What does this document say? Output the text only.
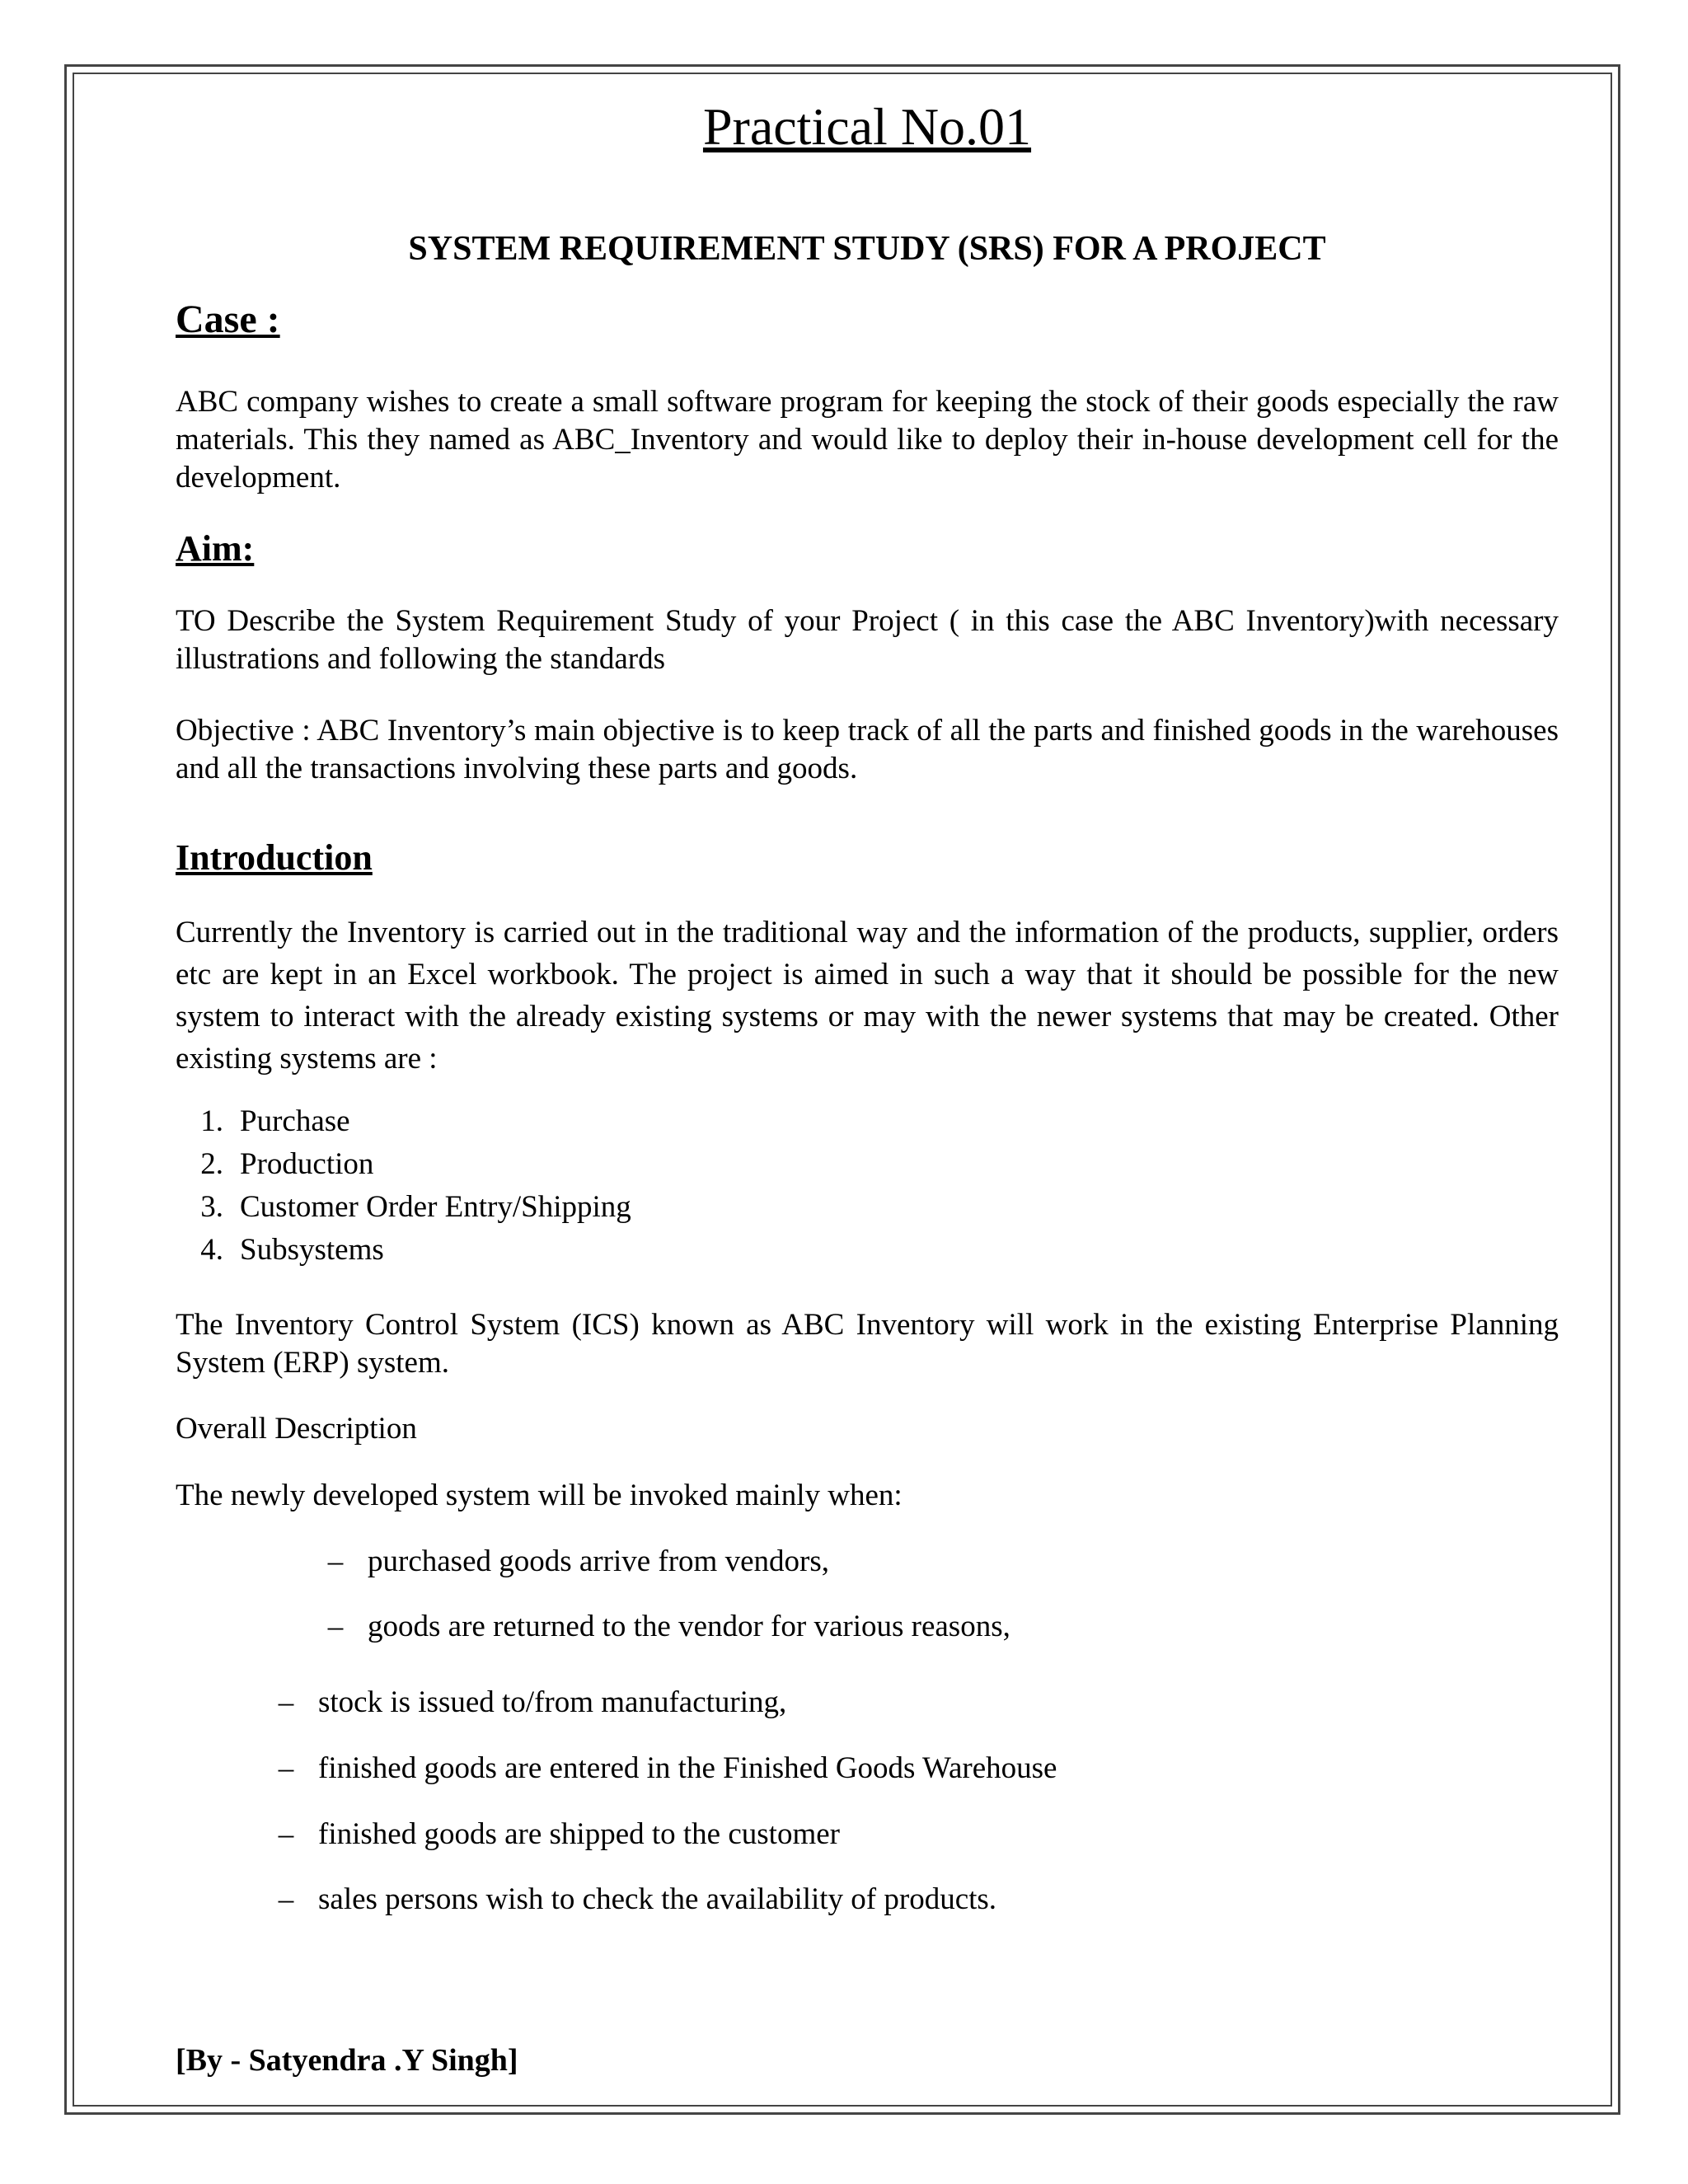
Practical No.01
SYSTEM REQUIREMENT STUDY (SRS) FOR A PROJECT
Case :
ABC company wishes to create a small software program for keeping the stock of their goods especially the raw materials. This they named as ABC_Inventory and would like to deploy their in-house development cell for the development.
Aim:
TO Describe the System Requirement Study of your Project ( in this case the ABC Inventory)with necessary illustrations and following the standards
Objective : ABC Inventory’s main objective is to keep track of all the parts and finished goods in the warehouses and all the transactions involving these parts and goods.
Introduction
Currently the Inventory is carried out in the traditional way and the information of the products, supplier, orders etc are kept in an Excel workbook. The project is aimed in such a way that it should be possible for the new system to interact with the already existing systems or may with the newer systems that may be created. Other existing systems are :
1. Purchase
2. Production
3. Customer Order Entry/Shipping
4. Subsystems
The Inventory Control System (ICS) known as ABC Inventory will work in the existing Enterprise Planning System (ERP) system.
Overall Description
The newly developed system will be invoked mainly when:
– purchased goods arrive from vendors,
– goods are returned to the vendor for various reasons,
– stock is issued to/from manufacturing,
– finished goods are entered in the Finished Goods Warehouse
– finished goods are shipped to the customer
– sales persons wish to check the availability of products.
[By - Satyendra .Y Singh]
